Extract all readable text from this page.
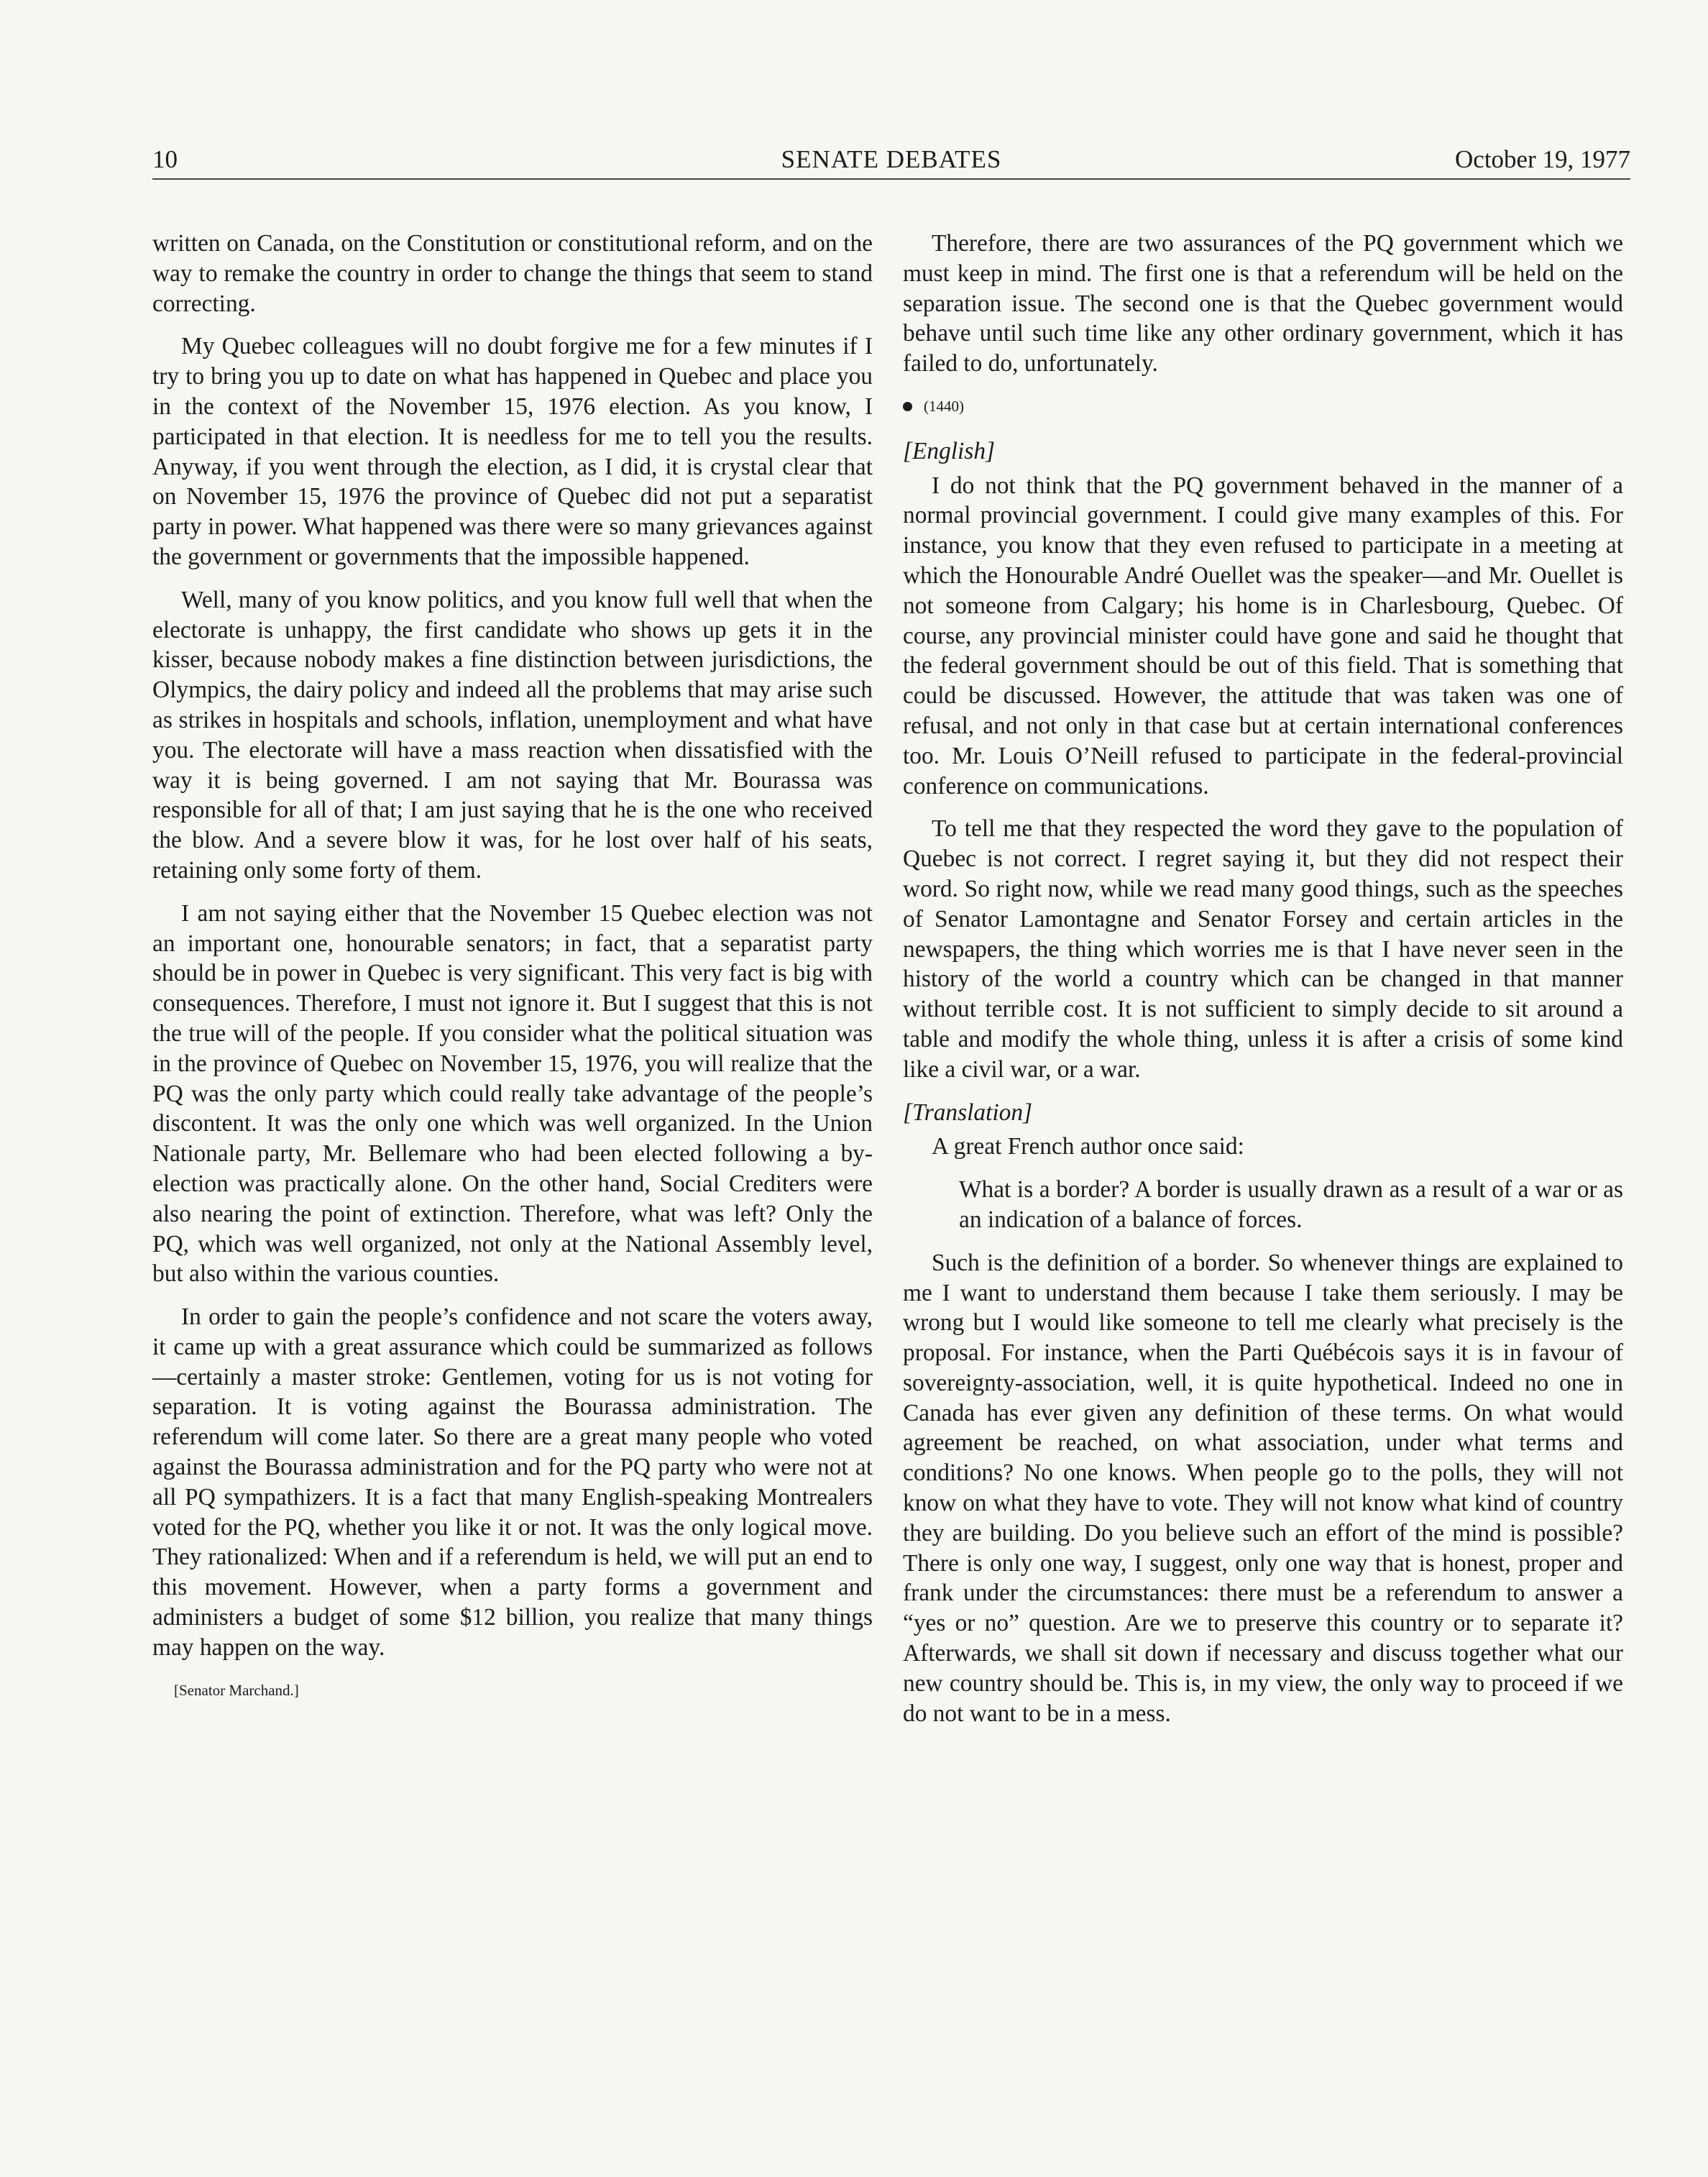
10	SENATE DEBATES	October 19, 1977

written on Canada, on the Constitution or constitutional reform, and on the way to remake the country in order to change the things that seem to stand correcting.

My Quebec colleagues will no doubt forgive me for a few minutes if I try to bring you up to date on what has happened in Quebec and place you in the context of the November 15, 1976 election. As you know, I participated in that election. It is needless for me to tell you the results. Anyway, if you went through the election, as I did, it is crystal clear that on November 15, 1976 the province of Quebec did not put a separatist party in power. What happened was there were so many grievances against the government or governments that the impossible happened.

Well, many of you know politics, and you know full well that when the electorate is unhappy, the first candidate who shows up gets it in the kisser, because nobody makes a fine distinction between jurisdictions, the Olympics, the dairy policy and indeed all the problems that may arise such as strikes in hospitals and schools, inflation, unemployment and what have you. The electorate will have a mass reaction when dissatisfied with the way it is being governed. I am not saying that Mr. Bourassa was responsible for all of that; I am just saying that he is the one who received the blow. And a severe blow it was, for he lost over half of his seats, retaining only some forty of them.

I am not saying either that the November 15 Quebec election was not an important one, honourable senators; in fact, that a separatist party should be in power in Quebec is very significant. This very fact is big with consequences. Therefore, I must not ignore it. But I suggest that this is not the true will of the people. If you consider what the political situation was in the province of Quebec on November 15, 1976, you will realize that the PQ was the only party which could really take advantage of the people’s discontent. It was the only one which was well organized. In the Union Nationale party, Mr. Bellemare who had been elected following a by-election was practically alone. On the other hand, Social Crediters were also nearing the point of extinction. Therefore, what was left? Only the PQ, which was well organized, not only at the National Assembly level, but also within the various counties.

In order to gain the people’s confidence and not scare the voters away, it came up with a great assurance which could be summarized as follows—certainly a master stroke: Gentlemen, voting for us is not voting for separation. It is voting against the Bourassa administration. The referendum will come later. So there are a great many people who voted against the Bourassa administration and for the PQ party who were not at all PQ sympathizers. It is a fact that many English-speaking Montrealers voted for the PQ, whether you like it or not. It was the only logical move. They rationalized: When and if a referendum is held, we will put an end to this movement. However, when a party forms a government and administers a budget of some $12 billion, you realize that many things may happen on the way.

[Senator Marchand.]

Therefore, there are two assurances of the PQ government which we must keep in mind. The first one is that a referendum will be held on the separation issue. The second one is that the Quebec government would behave until such time like any other ordinary government, which it has failed to do, unfortunately.

(1440)

[English]

I do not think that the PQ government behaved in the manner of a normal provincial government. I could give many examples of this. For instance, you know that they even refused to participate in a meeting at which the Honourable André Ouellet was the speaker—and Mr. Ouellet is not someone from Calgary; his home is in Charlesbourg, Quebec. Of course, any provincial minister could have gone and said he thought that the federal government should be out of this field. That is something that could be discussed. However, the attitude that was taken was one of refusal, and not only in that case but at certain international conferences too. Mr. Louis O’Neill refused to participate in the federal-provincial conference on communications.

To tell me that they respected the word they gave to the population of Quebec is not correct. I regret saying it, but they did not respect their word. So right now, while we read many good things, such as the speeches of Senator Lamontagne and Senator Forsey and certain articles in the newspapers, the thing which worries me is that I have never seen in the history of the world a country which can be changed in that manner without terrible cost. It is not sufficient to simply decide to sit around a table and modify the whole thing, unless it is after a crisis of some kind like a civil war, or a war.

[Translation]

A great French author once said:

What is a border? A border is usually drawn as a result of a war or as an indication of a balance of forces.

Such is the definition of a border. So whenever things are explained to me I want to understand them because I take them seriously. I may be wrong but I would like someone to tell me clearly what precisely is the proposal. For instance, when the Parti Québécois says it is in favour of sovereignty-association, well, it is quite hypothetical. Indeed no one in Canada has ever given any definition of these terms. On what would agreement be reached, on what association, under what terms and conditions? No one knows. When people go to the polls, they will not know on what they have to vote. They will not know what kind of country they are building. Do you believe such an effort of the mind is possible? There is only one way, I suggest, only one way that is honest, proper and frank under the circumstances: there must be a referendum to answer a “yes or no” question. Are we to preserve this country or to separate it? Afterwards, we shall sit down if necessary and discuss together what our new country should be. This is, in my view, the only way to proceed if we do not want to be in a mess.
